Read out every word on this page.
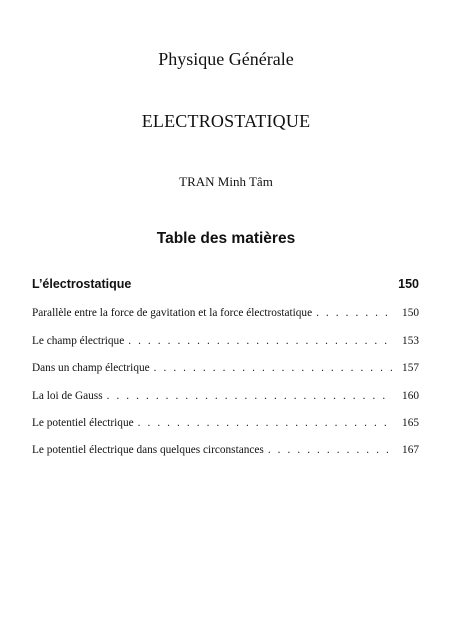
Physique Générale
ELECTROSTATIQUE
TRAN Minh Tâm
Table des matières
L’électrostatique	150
Parallèle entre la force de gavitation et la force électrostatique . . .	150
Le champ électrique . . .	153
Dans un champ électrique . . .	157
La loi de Gauss . . .	160
Le potentiel électrique . . .	165
Le potentiel électrique dans quelques circonstances . . .	167
